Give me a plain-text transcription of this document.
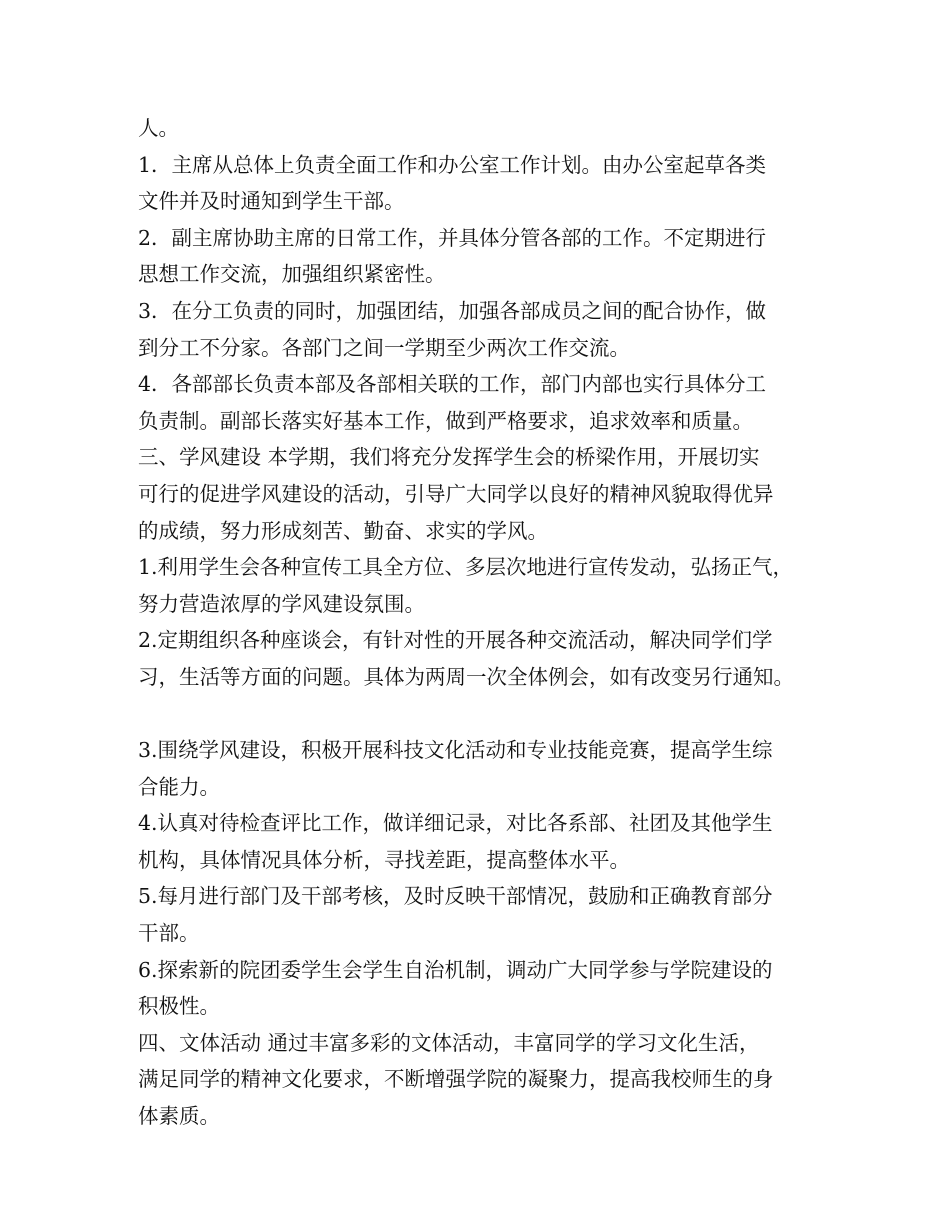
人。
1．主席从总体上负责全面工作和办公室工作计划。由办公室起草各类
文件并及时通知到学生干部。
2．副主席协助主席的日常工作，并具体分管各部的工作。不定期进行
思想工作交流，加强组织紧密性。
3．在分工负责的同时，加强团结，加强各部成员之间的配合协作，做
到分工不分家。各部门之间一学期至少两次工作交流。
4．各部部长负责本部及各部相关联的工作，部门内部也实行具体分工
负责制。副部长落实好基本工作，做到严格要求，追求效率和质量。
三、学风建设 本学期，我们将充分发挥学生会的桥梁作用，开展切实
可行的促进学风建设的活动，引导广大同学以良好的精神风貌取得优异
的成绩，努力形成刻苦、勤奋、求实的学风。
1.利用学生会各种宣传工具全方位、多层次地进行宣传发动，弘扬正气，
努力营造浓厚的学风建设氛围。
2.定期组织各种座谈会，有针对性的开展各种交流活动，解决同学们学
习，生活等方面的问题。具体为两周一次全体例会，如有改变另行通知。
3.围绕学风建设，积极开展科技文化活动和专业技能竞赛，提高学生综
合能力。
4.认真对待检查评比工作，做详细记录，对比各系部、社团及其他学生
机构，具体情况具体分析，寻找差距，提高整体水平。
5.每月进行部门及干部考核，及时反映干部情况，鼓励和正确教育部分
干部。
6.探索新的院团委学生会学生自治机制，调动广大同学参与学院建设的
积极性。
四、文体活动 通过丰富多彩的文体活动，丰富同学的学习文化生活，
满足同学的精神文化要求，不断增强学院的凝聚力，提高我校师生的身
体素质。
